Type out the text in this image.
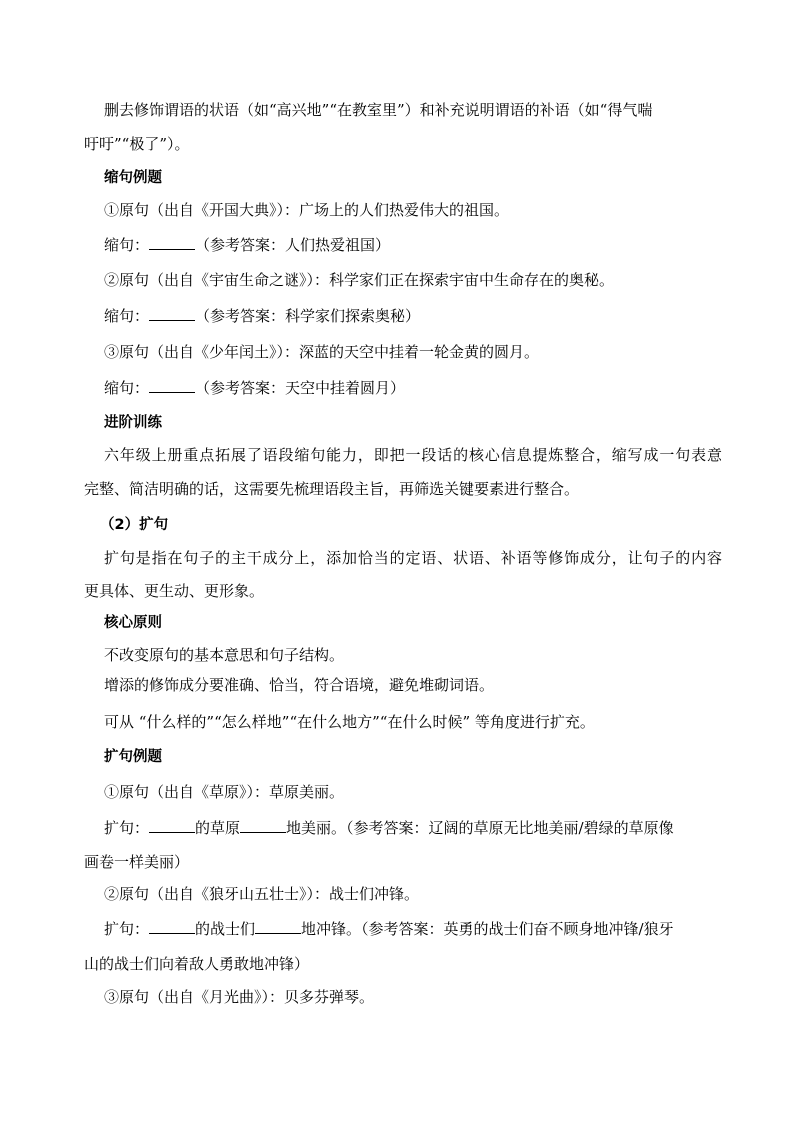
删去修饰谓语的状语（如“高兴地”“在教室里”）和补充说明谓语的补语（如“得气喘
吁吁”“极了”）。
缩句例题
①原句（出自《开国大典》）：广场上的人们热爱伟大的祖国。
缩句：	（参考答案：人们热爱祖国）
②原句（出自《宇宙生命之谜》）：科学家们正在探索宇宙中生命存在的奥秘。
缩句：	（参考答案：科学家们探索奥秘）
③原句（出自《少年闰土》）：深蓝的天空中挂着一轮金黄的圆月。
缩句：	（参考答案：天空中挂着圆月）
进阶训练
六年级上册重点拓展了语段缩句能力，即把一段话的核心信息提炼整合，缩写成一句表意
完整、简洁明确的话，这需要先梳理语段主旨，再筛选关键要素进行整合。
（2）扩句
扩句是指在句子的主干成分上，添加恰当的定语、状语、补语等修饰成分，让句子的内容
更具体、更生动、更形象。
核心原则
不改变原句的基本意思和句子结构。
增添的修饰成分要准确、恰当，符合语境，避免堆砌词语。
可从 “什么样的”“怎么样地”“在什么地方”“在什么时候” 等角度进行扩充。
扩句例题
①原句（出自《草原》）：草原美丽。
扩句：	的草原	地美丽。（参考答案：辽阔的草原无比地美丽/碧绿的草原像
画卷一样美丽）
②原句（出自《狼牙山五壮士》）：战士们冲锋。
扩句：	的战士们	地冲锋。（参考答案：英勇的战士们奋不顾身地冲锋/狼牙
山的战士们向着敌人勇敢地冲锋）
③原句（出自《月光曲》）：贝多芬弹琴。
